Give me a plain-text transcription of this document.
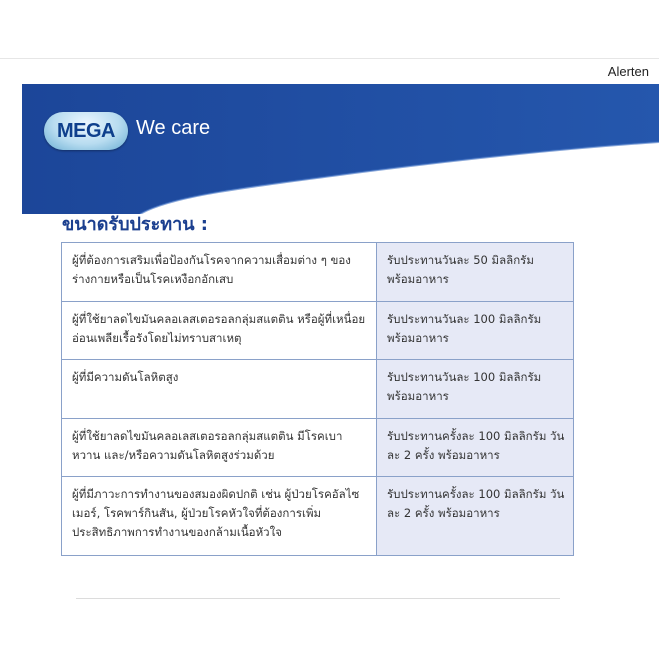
Alerten
MEGA We care
ขนาดรับประทาน :
ผู้ที่ต้องการเสริมเพื่อป้องกันโรคจากความเสื่อมต่าง ๆ ของร่างกายหรือเป็นโรคเหงือกอักเสบ	รับประทานวันละ 50 มิลลิกรัม พร้อมอาหาร
ผู้ที่ใช้ยาลดไขมันคลอเลสเตอรอลกลุ่มสแตติน หรือผู้ที่เหนื่อย อ่อนเพลียเรื้อรังโดยไม่ทราบสาเหตุ	รับประทานวันละ 100 มิลลิกรัม พร้อมอาหาร
ผู้ที่มีความดันโลหิตสูง	รับประทานวันละ 100 มิลลิกรัม พร้อมอาหาร
ผู้ที่ใช้ยาลดไขมันคลอเลสเตอรอลกลุ่มสแตติน มีโรคเบาหวาน และ/หรือความดันโลหิตสูงร่วมด้วย	รับประทานครั้งละ 100 มิลลิกรัม วันละ 2 ครั้ง พร้อมอาหาร
ผู้ที่มีภาวะการทำงานของสมองผิดปกติ เช่น ผู้ป่วยโรคอัลไซเมอร์, โรคพาร์กินสัน, ผู้ป่วยโรคหัวใจที่ต้องการเพิ่มประสิทธิภาพการทำงานของกล้ามเนื้อหัวใจ	รับประทานครั้งละ 100 มิลลิกรัม วันละ 2 ครั้ง พร้อมอาหาร
